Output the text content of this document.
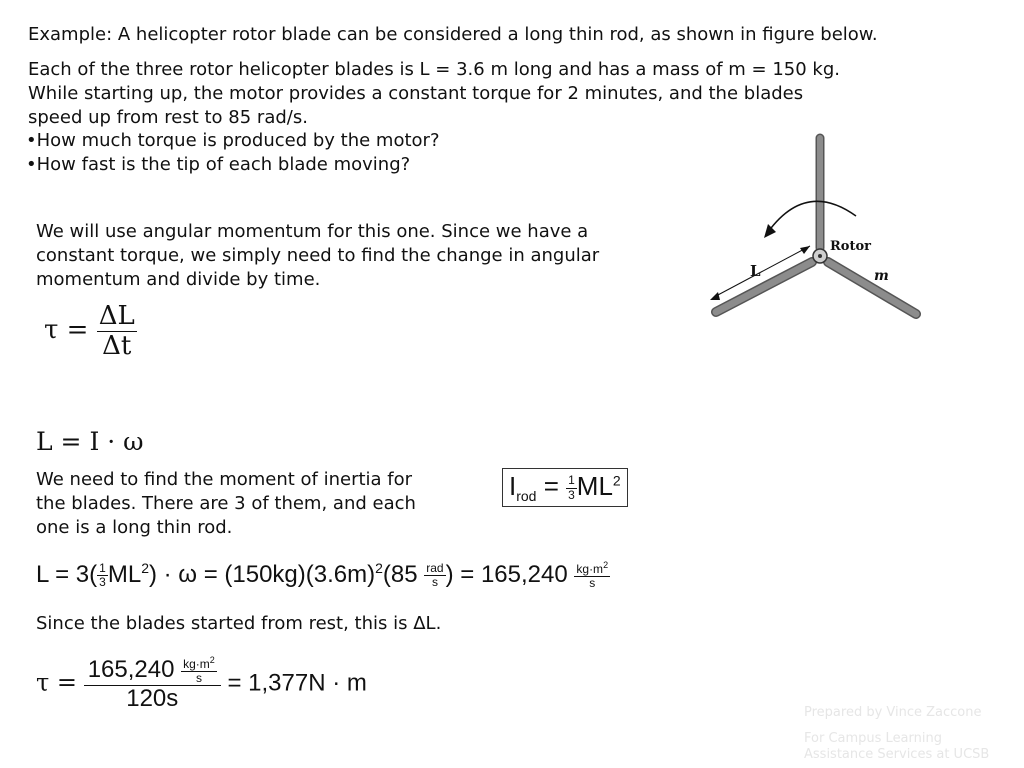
Example: A helicopter rotor blade can be considered a long thin rod, as shown in figure below.
Each of the three rotor helicopter blades is L = 3.6 m long and has a mass of m = 150 kg.
While starting up, the motor provides a constant torque for 2 minutes, and the blades
speed up from rest to 85 rad/s.
•How much torque is produced by the motor?
•How fast is the tip of each blade moving?
Rotor
L	m
We will use angular momentum for this one. Since we have a
constant torque, we simply need to find the change in angular
momentum and divide by time.
$\tau = \frac{\Delta L}{\Delta t}$
L = I · ω
We need to find the moment of inertia for
the blades. There are 3 of them, and each
one is a long thin rod.
$I_{rod} = \frac{1}{3} ML^2$
$L = 3( \frac{1}{3} ML^2) \cdot \omega = (150kg)(3.6m)^2(85 \frac{\text{rad}}{s}$ ) = $165,240 \frac{kg\cdot m^2}{s}$
Since the blades started from rest, this is ΔL.
$\tau = \frac{165,240 \frac{kg\cdot m^2}{s}}{120s} = 1,377N \cdot m$
Prepared by Vince Zaccone
For Campus Learning
Assistance Services at UCSB
